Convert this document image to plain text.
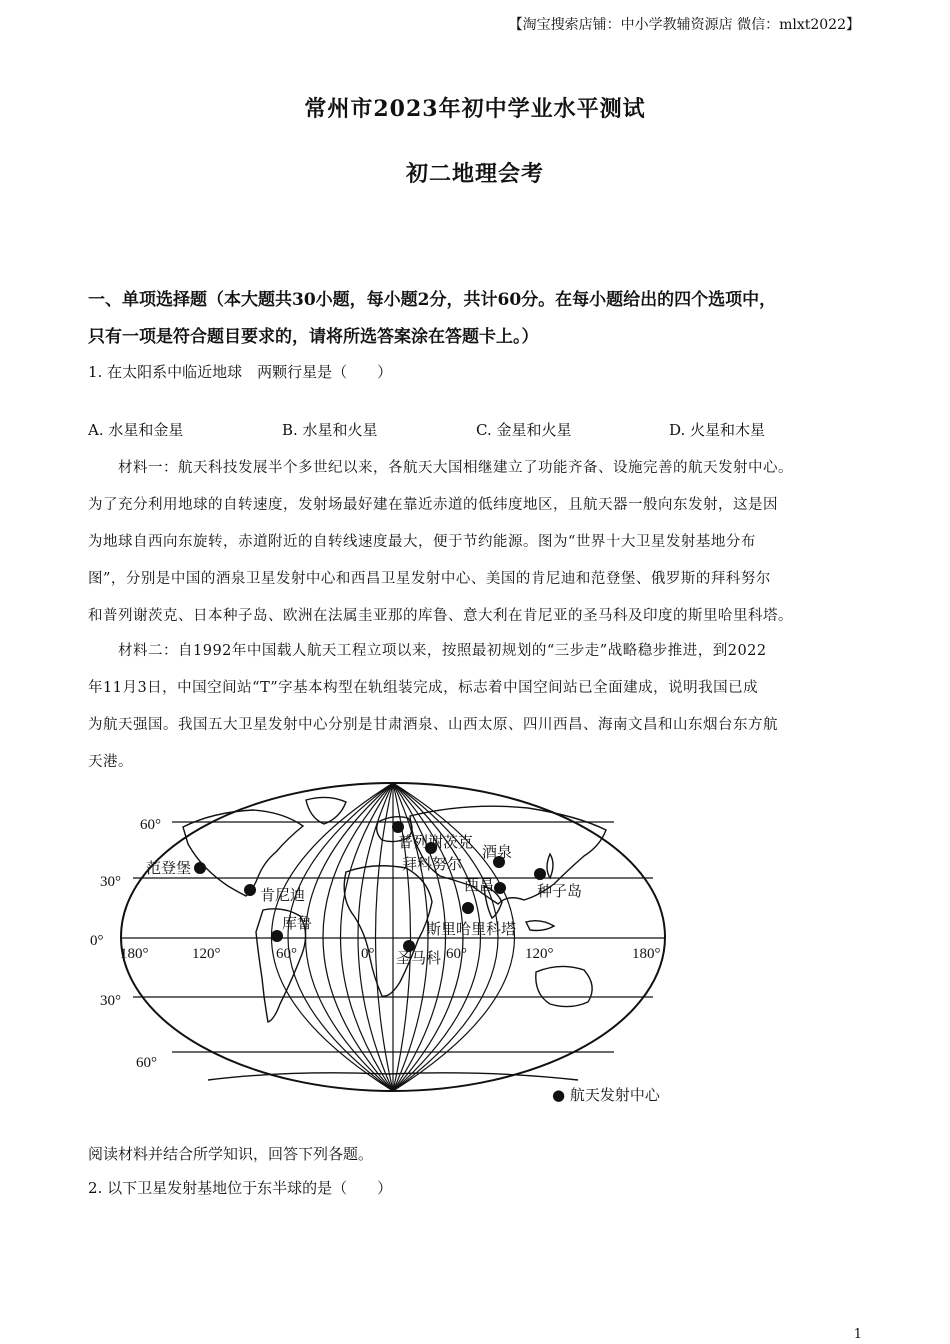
【淘宝搜索店铺：中小学教辅资源店 微信：mlxt2022】
常州市2023年初中学业水平测试
初二地理会考
一、单项选择题（本大题共30小题，每小题2分，共计60分。在每小题给出的四个选项中，
只有一项是符合题目要求的，请将所选答案涂在答题卡上。）
1. 在太阳系中临近地球　两颗行星是（　　）
A. 水星和金星	B. 水星和火星	C. 金星和火星	D. 火星和木星
材料一：航天科技发展半个多世纪以来，各航天大国相继建立了功能齐备、设施完善的航天发射中心。
为了充分利用地球的自转速度，发射场最好建在靠近赤道的低纬度地区，且航天器一般向东发射，这是因
为地球自西向东旋转，赤道附近的自转线速度最大，便于节约能源。图为“世界十大卫星发射基地分布
图”，分别是中国的酒泉卫星发射中心和西昌卫星发射中心、美国的肯尼迪和范登堡、俄罗斯的拜科努尔
和普列谢茨克、日本种子岛、欧洲在法属圭亚那的库鲁、意大利在肯尼亚的圣马科及印度的斯里哈里科塔。
材料二：自1992年中国载人航天工程立项以来，按照最初规划的“三步走”战略稳步推进，到2022
年11月3日，中国空间站“T”字基本构型在轨组装完成，标志着中国空间站已全面建成，说明我国已成
为航天强国。我国五大卫星发射中心分别是甘肃酒泉、山西太原、四川西昌、海南文昌和山东烟台东方航
天港。
60°
30°
0°
30°
60°
180°	120°	60°	0°	60°	120°	180°
范登堡
肯尼迪
库鲁
普列谢茨克
拜科努尔
酒泉
西昌	种子岛
斯里哈里科塔
圣马科
● 航天发射中心
阅读材料并结合所学知识，回答下列各题。
2. 以下卫星发射基地位于东半球的是（　　）
1
